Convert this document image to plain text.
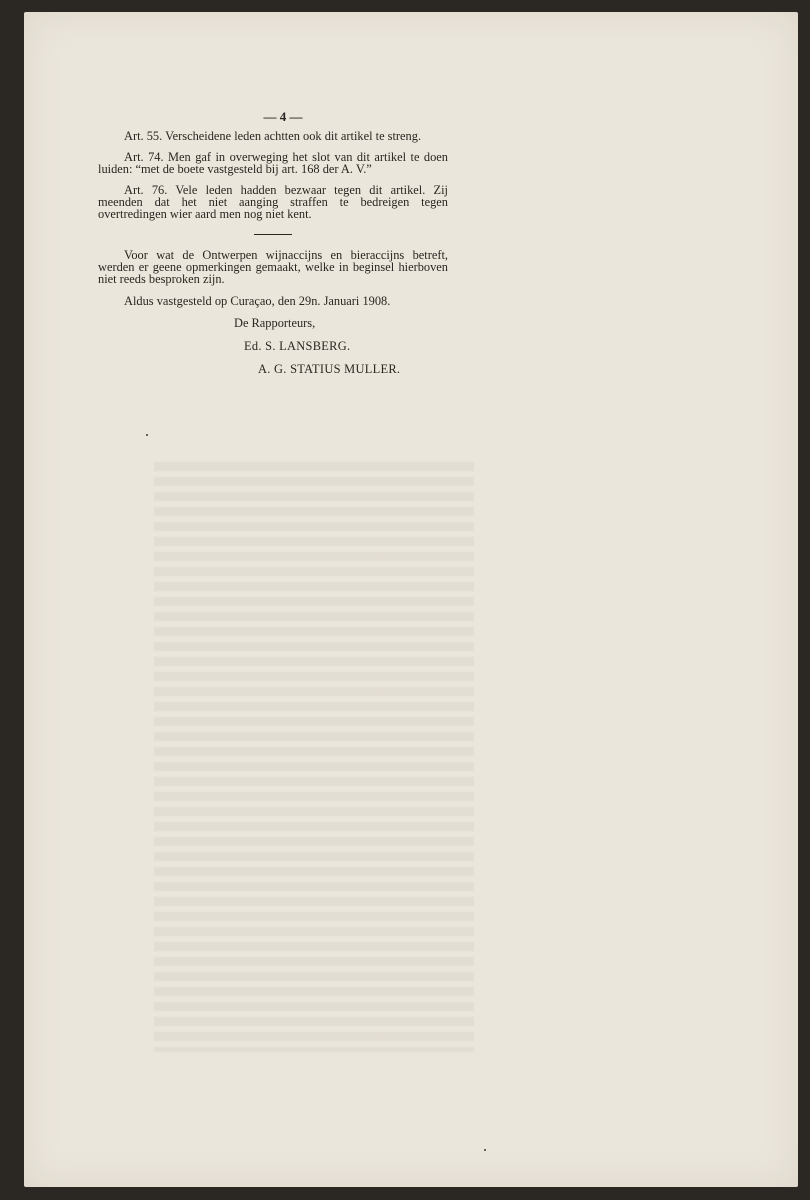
— 4 —

Art. 55. Verscheidene leden achtten ook dit artikel te streng.

Art. 74. Men gaf in overweging het slot van dit artikel te doen luiden: “met de boete vastgesteld bij art. 168 der A. V.”

Art. 76. Vele leden hadden bezwaar tegen dit artikel. Zij meenden dat het niet aanging straffen te bedreigen tegen overtredingen wier aard men nog niet kent.

Voor wat de Ontwerpen wijnaccijns en bieraccijns betreft, werden er geene opmerkingen gemaakt, welke in beginsel hierboven niet reeds besproken zijn.

Aldus vastgesteld op Curaçao, den 29n. Januari 1908.

De Rapporteurs,

Ed. S. LANSBERG.

A. G. STATIUS MULLER.
